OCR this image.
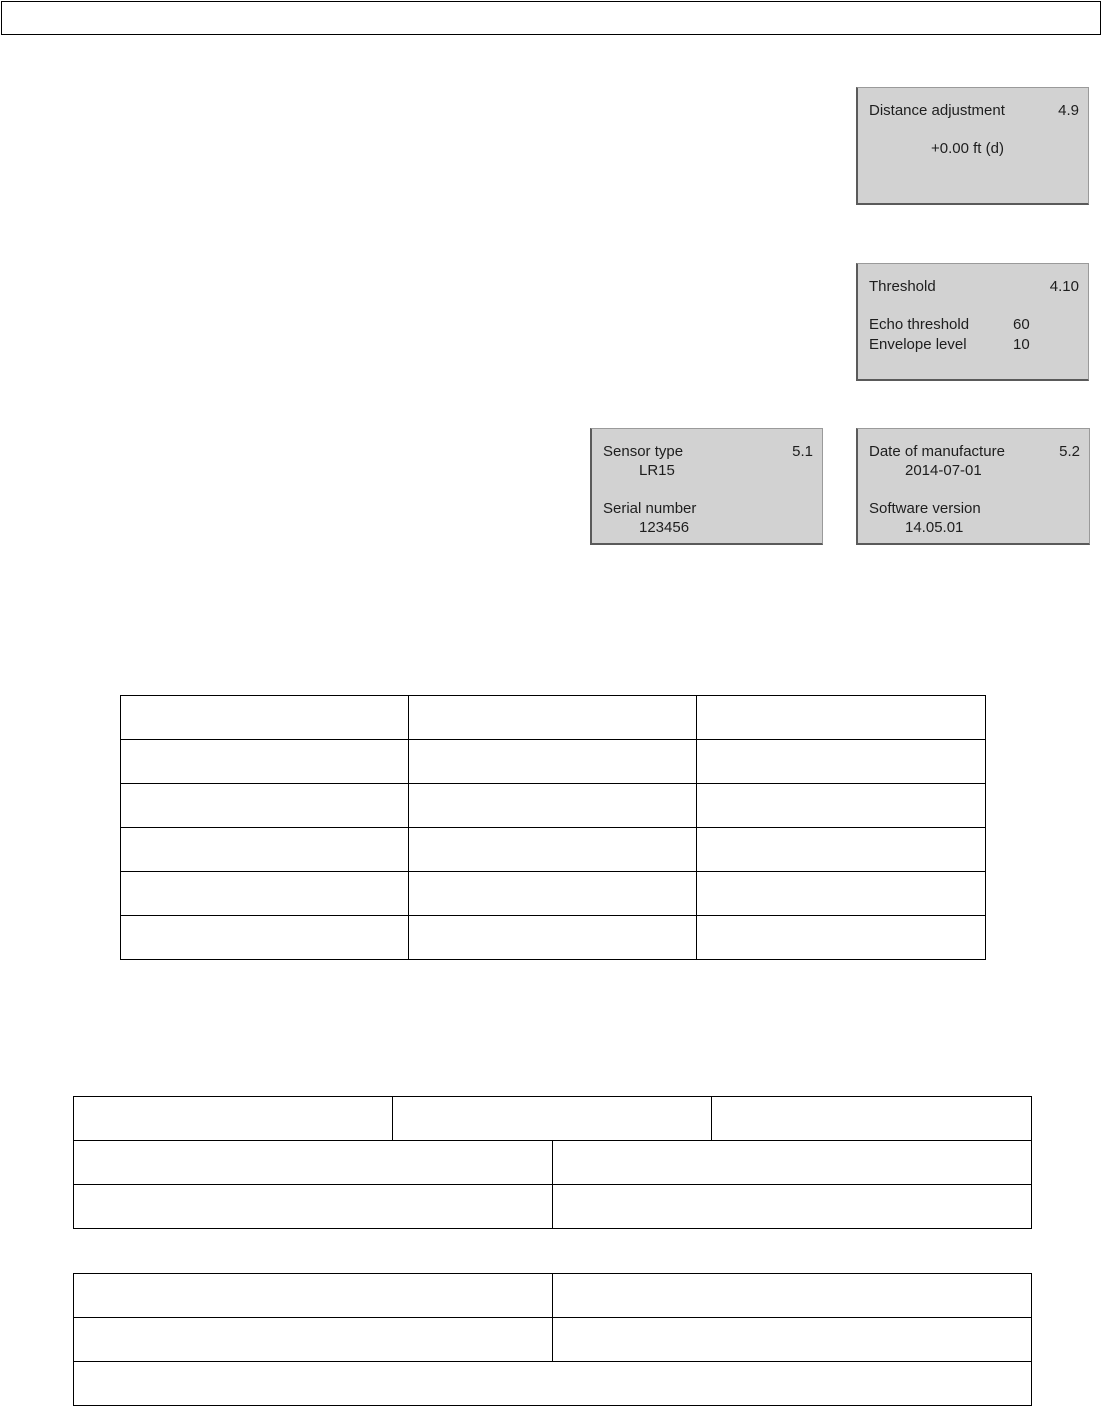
Distance adjustment	4.9
+0.00 ft (d)
Threshold	4.10
Echo threshold	60
Envelope level	10
Sensor type	5.1
LR15
Serial number
123456
Date of manufacture	5.2
2014-07-01
Software version
14.05.01
